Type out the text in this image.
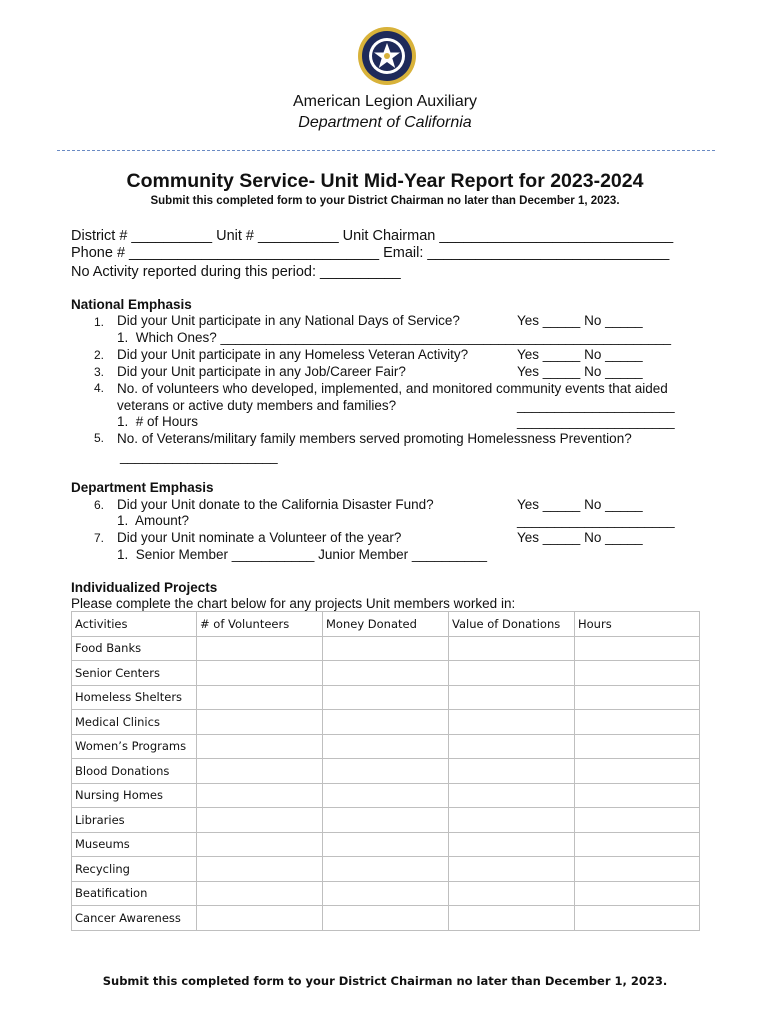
American Legion Auxiliary
Department of California
Community Service- Unit Mid-Year Report for 2023-2024
Submit this completed form to your District Chairman no later than December 1, 2023.
District # __________ Unit # __________ Unit Chairman _____________________________
Phone # _______________________________ Email: ______________________________
No Activity reported during this period: __________
National Emphasis
1. Did your Unit participate in any National Days of Service?	Yes _____ No _____
1.  Which Ones? ____________________________________________________________
2. Did your Unit participate in any Homeless Veteran Activity?	Yes _____ No _____
3. Did your Unit participate in any Job/Career Fair?	Yes _____ No _____
4. No. of volunteers who developed, implemented, and monitored community events that aided
veterans or active duty members and families?	_____________________
1.  # of Hours	_____________________
5. No. of Veterans/military family members served promoting Homelessness Prevention?
_____________________
Department Emphasis
6. Did your Unit donate to the California Disaster Fund?	Yes _____ No _____
1.  Amount?	_____________________
7. Did your Unit nominate a Volunteer of the year?	Yes _____ No _____
1.  Senior Member ___________ Junior Member __________
Individualized Projects
Please complete the chart below for any projects Unit members worked in:
Activities	# of Volunteers	Money Donated	Value of Donations	Hours
Food Banks				
Senior Centers				
Homeless Shelters				
Medical Clinics				
Women’s Programs				
Blood Donations				
Nursing Homes				
Libraries				
Museums				
Recycling				
Beatification				
Cancer Awareness				
Submit this completed form to your District Chairman no later than December 1, 2023.
